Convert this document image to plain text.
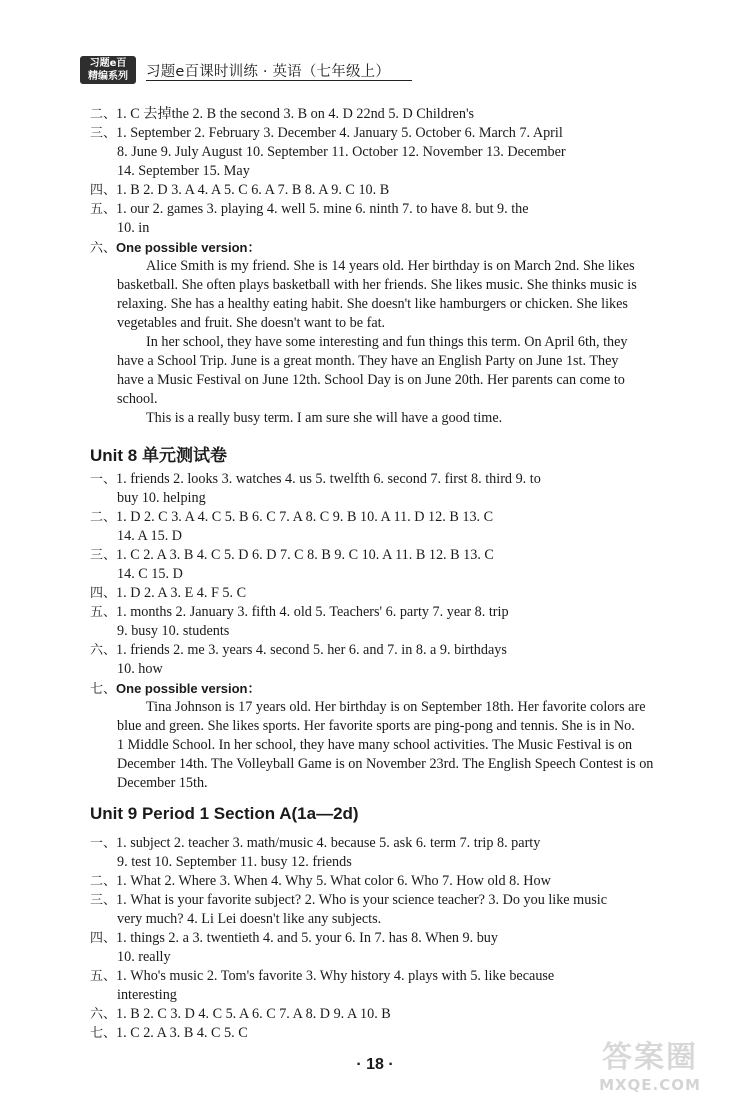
习题e百
精编系列	习题e百课时训练 · 英语（七年级上）
二、1. C 去掉the 2. B the second 3. B on 4. D 22nd 5. D Children's
三、1. September 2. February 3. December 4. January 5. October 6. March 7. April
8. June 9. July August 10. September 11. October 12. November 13. December
14. September 15. May
四、1. B 2. D 3. A 4. A 5. C 6. A 7. B 8. A 9. C 10. B
五、1. our 2. games 3. playing 4. well 5. mine 6. ninth 7. to have 8. but 9. the
10. in
六、One possible version：
Alice Smith is my friend. She is 14 years old. Her birthday is on March 2nd. She likes
basketball. She often plays basketball with her friends. She likes music. She thinks music is
relaxing. She has a healthy eating habit. She doesn't like hamburgers or chicken. She likes
vegetables and fruit. She doesn't want to be fat.
In her school, they have some interesting and fun things this term. On April 6th, they
have a School Trip. June is a great month. They have an English Party on June 1st. They
have a Music Festival on June 12th. School Day is on June 20th. Her parents can come to
school.
This is a really busy term. I am sure she will have a good time.
Unit 8 单元测试卷
一、1. friends 2. looks 3. watches 4. us 5. twelfth 6. second 7. first 8. third 9. to
buy 10. helping
二、1. D 2. C 3. A 4. C 5. B 6. C 7. A 8. C 9. B 10. A 11. D 12. B 13. C
14. A 15. D
三、1. C 2. A 3. B 4. C 5. D 6. D 7. C 8. B 9. C 10. A 11. B 12. B 13. C
14. C 15. D
四、1. D 2. A 3. E 4. F 5. C
五、1. months 2. January 3. fifth 4. old 5. Teachers' 6. party 7. year 8. trip
9. busy 10. students
六、1. friends 2. me 3. years 4. second 5. her 6. and 7. in 8. a 9. birthdays
10. how
七、One possible version：
Tina Johnson is 17 years old. Her birthday is on September 18th. Her favorite colors are
blue and green. She likes sports. Her favorite sports are ping-pong and tennis. She is in No.
1 Middle School. In her school, they have many school activities. The Music Festival is on
December 14th. The Volleyball Game is on November 23rd. The English Speech Contest is on
December 15th.
Unit 9 Period 1 Section A(1a—2d)
一、1. subject 2. teacher 3. math/music 4. because 5. ask 6. term 7. trip 8. party
9. test 10. September 11. busy 12. friends
二、1. What 2. Where 3. When 4. Why 5. What color 6. Who 7. How old 8. How
三、1. What is your favorite subject? 2. Who is your science teacher? 3. Do you like music
very much? 4. Li Lei doesn't like any subjects.
四、1. things 2. a 3. twentieth 4. and 5. your 6. In 7. has 8. When 9. buy
10. really
五、1. Who's music 2. Tom's favorite 3. Why history 4. plays with 5. like because
interesting
六、1. B 2. C 3. D 4. C 5. A 6. C 7. A 8. D 9. A 10. B
七、1. C 2. A 3. B 4. C 5. C
· 18 ·	答案圈
MXQE.COM
